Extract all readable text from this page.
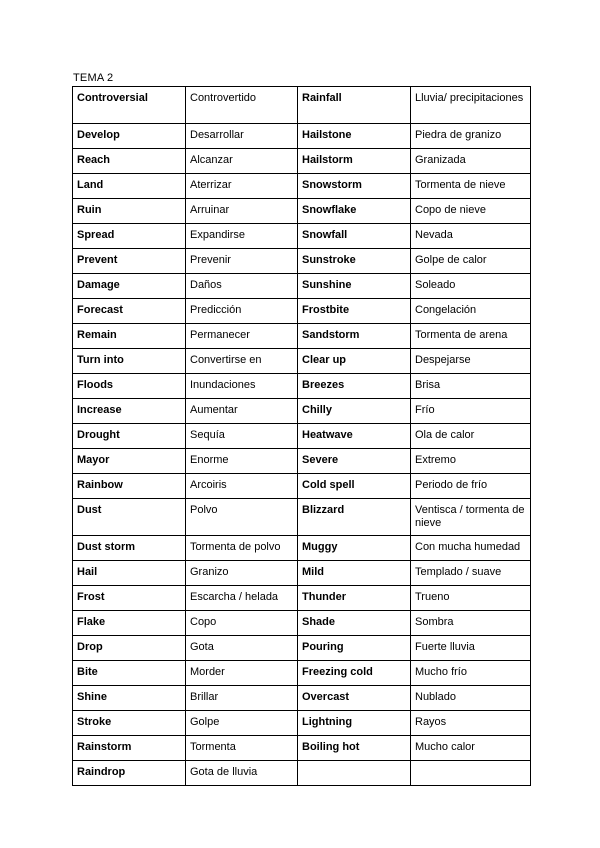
TEMA 2
Controversial	Controvertido	Rainfall	Lluvia/ precipitaciones
Develop	Desarrollar	Hailstone	Piedra de granizo
Reach	Alcanzar	Hailstorm	Granizada
Land	Aterrizar	Snowstorm	Tormenta de nieve
Ruin	Arruinar	Snowflake	Copo de nieve
Spread	Expandirse	Snowfall	Nevada
Prevent	Prevenir	Sunstroke	Golpe de calor
Damage	Daños	Sunshine	Soleado
Forecast	Predicción	Frostbite	Congelación
Remain	Permanecer	Sandstorm	Tormenta de arena
Turn into	Convertirse en	Clear up	Despejarse
Floods	Inundaciones	Breezes	Brisa
Increase	Aumentar	Chilly	Frío
Drought	Sequía	Heatwave	Ola de calor
Mayor	Enorme	Severe	Extremo
Rainbow	Arcoiris	Cold spell	Periodo de frío
Dust	Polvo	Blizzard	Ventisca / tormenta de nieve
Dust storm	Tormenta de polvo	Muggy	Con mucha humedad
Hail	Granizo	Mild	Templado / suave
Frost	Escarcha / helada	Thunder	Trueno
Flake	Copo	Shade	Sombra
Drop	Gota	Pouring	Fuerte lluvia
Bite	Morder	Freezing cold	Mucho frío
Shine	Brillar	Overcast	Nublado
Stroke	Golpe	Lightning	Rayos
Rainstorm	Tormenta	Boiling hot	Mucho calor
Raindrop	Gota de lluvia		
